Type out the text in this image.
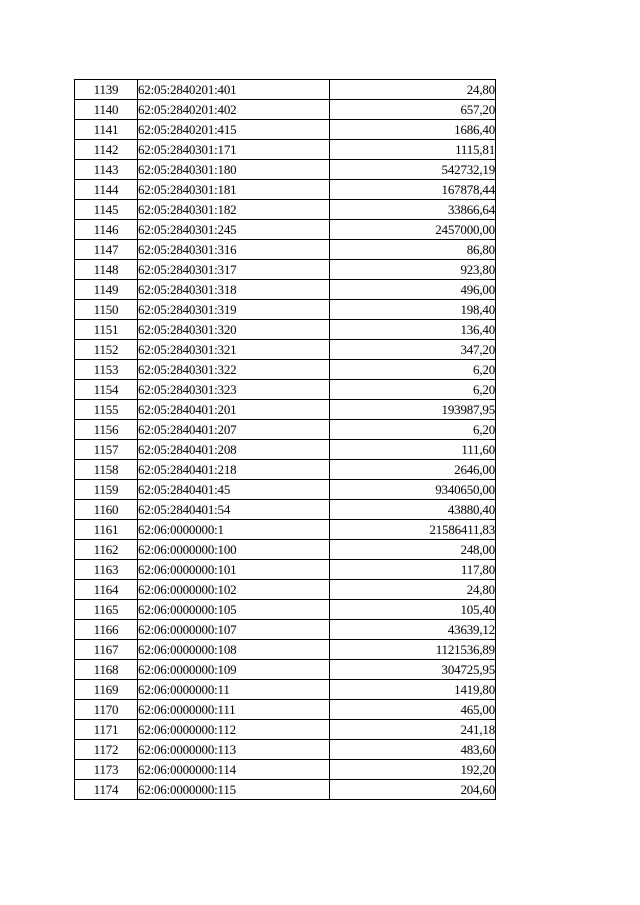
1139	62:05:2840201:401	24,80
1140	62:05:2840201:402	657,20
1141	62:05:2840201:415	1686,40
1142	62:05:2840301:171	1115,81
1143	62:05:2840301:180	542732,19
1144	62:05:2840301:181	167878,44
1145	62:05:2840301:182	33866,64
1146	62:05:2840301:245	2457000,00
1147	62:05:2840301:316	86,80
1148	62:05:2840301:317	923,80
1149	62:05:2840301:318	496,00
1150	62:05:2840301:319	198,40
1151	62:05:2840301:320	136,40
1152	62:05:2840301:321	347,20
1153	62:05:2840301:322	6,20
1154	62:05:2840301:323	6,20
1155	62:05:2840401:201	193987,95
1156	62:05:2840401:207	6,20
1157	62:05:2840401:208	111,60
1158	62:05:2840401:218	2646,00
1159	62:05:2840401:45	9340650,00
1160	62:05:2840401:54	43880,40
1161	62:06:0000000:1	21586411,83
1162	62:06:0000000:100	248,00
1163	62:06:0000000:101	117,80
1164	62:06:0000000:102	24,80
1165	62:06:0000000:105	105,40
1166	62:06:0000000:107	43639,12
1167	62:06:0000000:108	1121536,89
1168	62:06:0000000:109	304725,95
1169	62:06:0000000:11	1419,80
1170	62:06:0000000:111	465,00
1171	62:06:0000000:112	241,18
1172	62:06:0000000:113	483,60
1173	62:06:0000000:114	192,20
1174	62:06:0000000:115	204,60
